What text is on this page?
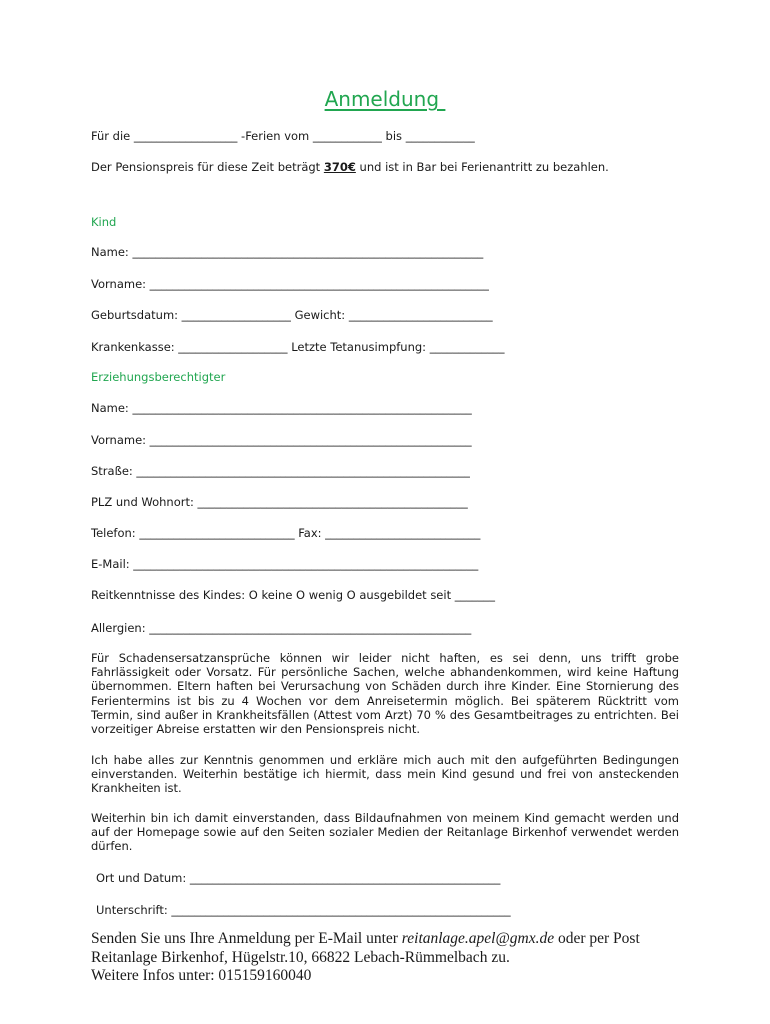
Anmeldung
Für die __________________ -Ferien vom ____________ bis ____________
Der Pensionspreis für diese Zeit beträgt 370€ und ist in Bar bei Ferienantritt zu bezahlen.
Kind
Name: _____________________________________________________________
Vorname: ___________________________________________________________
Geburtsdatum: ___________________ Gewicht: _________________________
Krankenkasse: ___________________ Letzte Tetanusimpfung: _____________
Erziehungsberechtigter
Name: ___________________________________________________________
Vorname: ________________________________________________________
Straße: __________________________________________________________
PLZ und Wohnort: _______________________________________________
Telefon: ___________________________ Fax: ___________________________
E-Mail: ____________________________________________________________
Reitkenntnisse des Kindes: O keine O wenig O ausgebildet seit _______
Allergien: ________________________________________________________
Für Schadensersatzansprüche können wir leider nicht haften, es sei denn, uns trifft grobe Fahrlässigkeit oder Vorsatz. Für persönliche Sachen, welche abhandenkommen, wird keine Haftung übernommen. Eltern haften bei Verursachung von Schäden durch ihre Kinder. Eine Stornierung des Ferientermins ist bis zu 4 Wochen vor dem Anreisetermin möglich. Bei späterem Rücktritt vom Termin, sind außer in Krankheitsfällen (Attest vom Arzt) 70 % des Gesamtbeitrages zu entrichten. Bei vorzeitiger Abreise erstatten wir den Pensionspreis nicht.
Ich habe alles zur Kenntnis genommen und erkläre mich auch mit den aufgeführten Bedingungen einverstanden. Weiterhin bestätige ich hiermit, dass mein Kind gesund und frei von ansteckenden Krankheiten ist.
Weiterhin bin ich damit einverstanden, dass Bildaufnahmen von meinem Kind gemacht werden und auf der Homepage sowie auf den Seiten sozialer Medien der Reitanlage Birkenhof verwendet werden dürfen.
Ort und Datum: ______________________________________________________
Unterschrift: ___________________________________________________________
Senden Sie uns Ihre Anmeldung per E-Mail unter reitanlage.apel@gmx.de oder per Post
Reitanlage Birkenhof, Hügelstr.10, 66822 Lebach-Rümmelbach zu.
Weitere Infos unter: 015159160040
